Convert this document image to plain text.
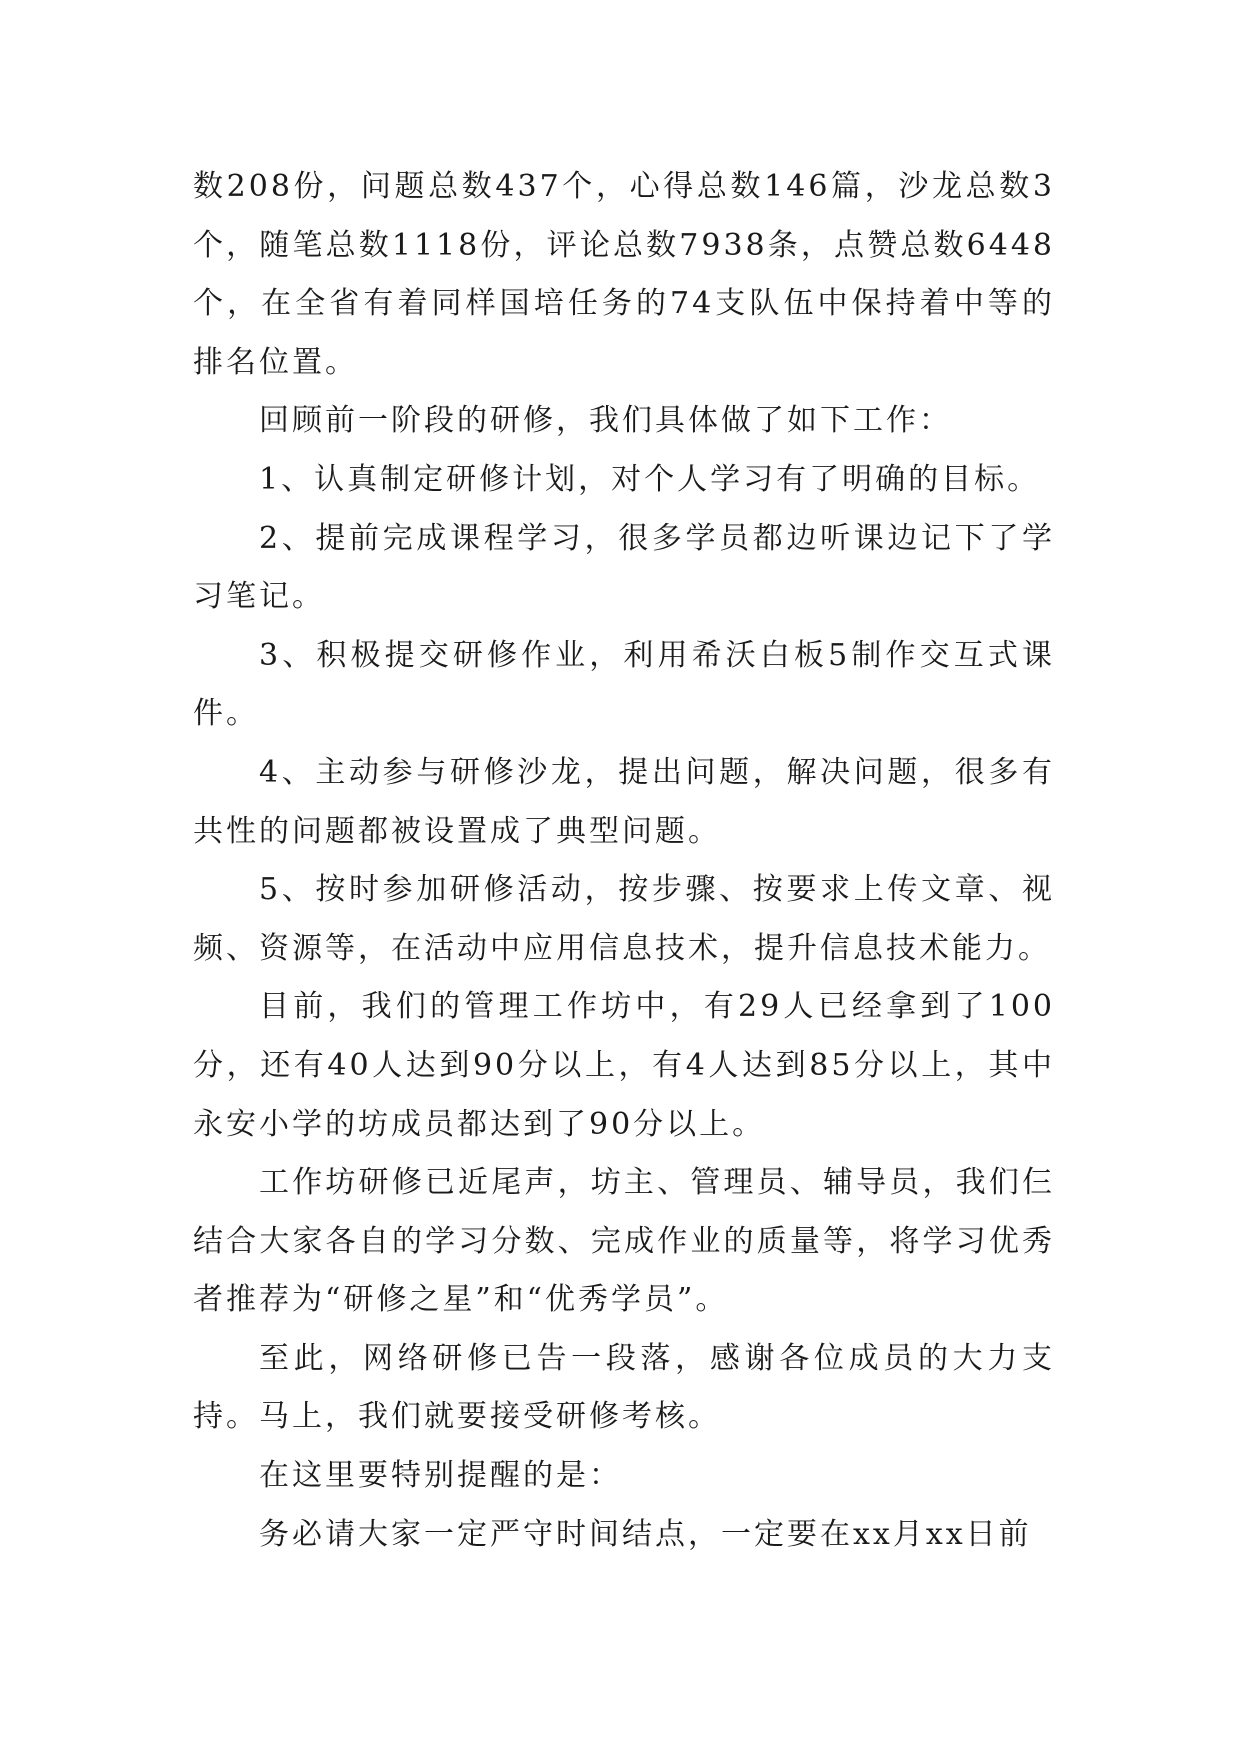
数208份，问题总数437个，心得总数146篇，沙龙总数3个，随笔总数1118份，评论总数7938条，点赞总数6448个，在全省有着同样国培任务的74支队伍中保持着中等的排名位置。

回顾前一阶段的研修，我们具体做了如下工作：

1、认真制定研修计划，对个人学习有了明确的目标。

2、提前完成课程学习，很多学员都边听课边记下了学习笔记。

3、积极提交研修作业，利用希沃白板5制作交互式课件。

4、主动参与研修沙龙，提出问题，解决问题，很多有共性的问题都被设置成了典型问题。

5、按时参加研修活动，按步骤、按要求上传文章、视频、资源等，在活动中应用信息技术，提升信息技术能力。

目前，我们的管理工作坊中，有29人已经拿到了100分，还有40人达到90分以上，有4人达到85分以上，其中永安小学的坊成员都达到了90分以上。

工作坊研修已近尾声，坊主、管理员、辅导员，我们仨结合大家各自的学习分数、完成作业的质量等，将学习优秀者推荐为“研修之星”和“优秀学员”。

至此，网络研修已告一段落，感谢各位成员的大力支持。马上，我们就要接受研修考核。

在这里要特别提醒的是：

务必请大家一定严守时间结点，一定要在xx月xx日前
